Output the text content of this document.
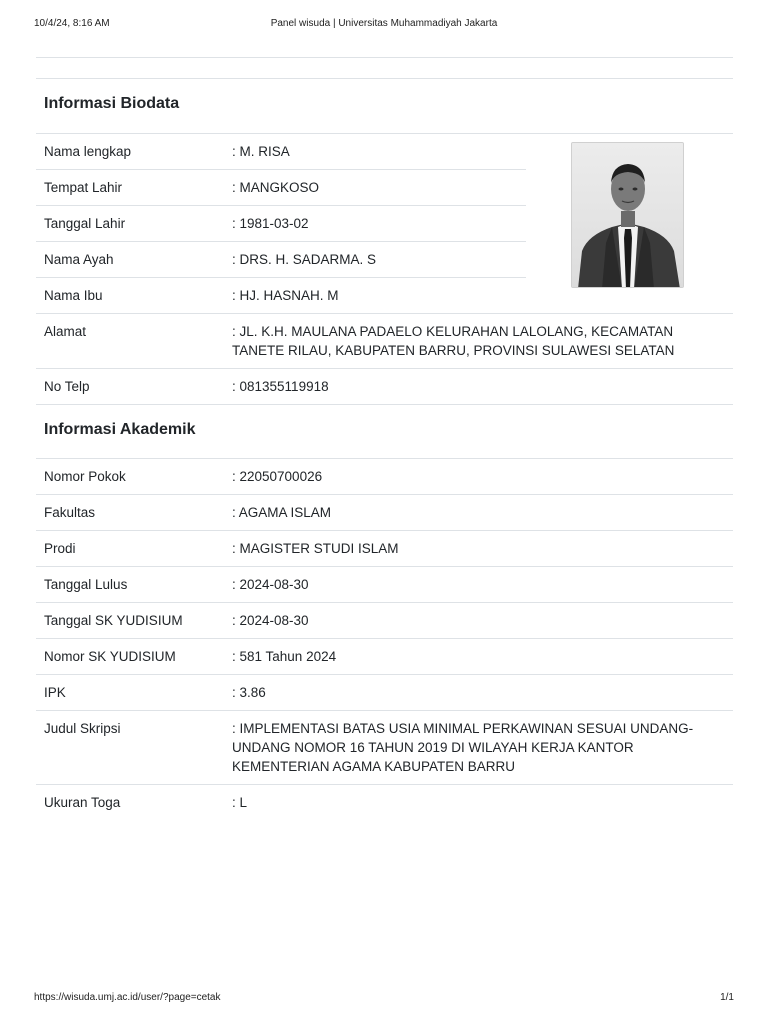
10/4/24, 8:16 AM	Panel wisuda | Universitas Muhammadiyah Jakarta
Informasi Biodata
Nama lengkap	: M. RISA	

Tempat Lahir	: MANGKOSO	
Tanggal Lahir	: 1981-03-02	
Nama Ayah	: DRS. H. SADARMA. S	
Nama Ibu	: HJ. HASNAH. M	
Alamat	: JL. K.H. MAULANA PADAELO KELURAHAN LALOLANG, KECAMATAN TANETE RILAU, KABUPATEN BARRU, PROVINSI SULAWESI SELATAN	
No Telp	: 081355119918	
Informasi Akademik
Nomor Pokok	: 22050700026
Fakultas	: AGAMA ISLAM
Prodi	: MAGISTER STUDI ISLAM
Tanggal Lulus	: 2024-08-30
Tanggal SK YUDISIUM	: 2024-08-30
Nomor SK YUDISIUM	: 581 Tahun 2024
IPK	: 3.86
Judul Skripsi	: IMPLEMENTASI BATAS USIA MINIMAL PERKAWINAN SESUAI UNDANG-UNDANG NOMOR 16 TAHUN 2019 DI WILAYAH KERJA KANTOR KEMENTERIAN AGAMA KABUPATEN BARRU
Ukuran Toga	: L
https://wisuda.umj.ac.id/user/?page=cetak	1/1
